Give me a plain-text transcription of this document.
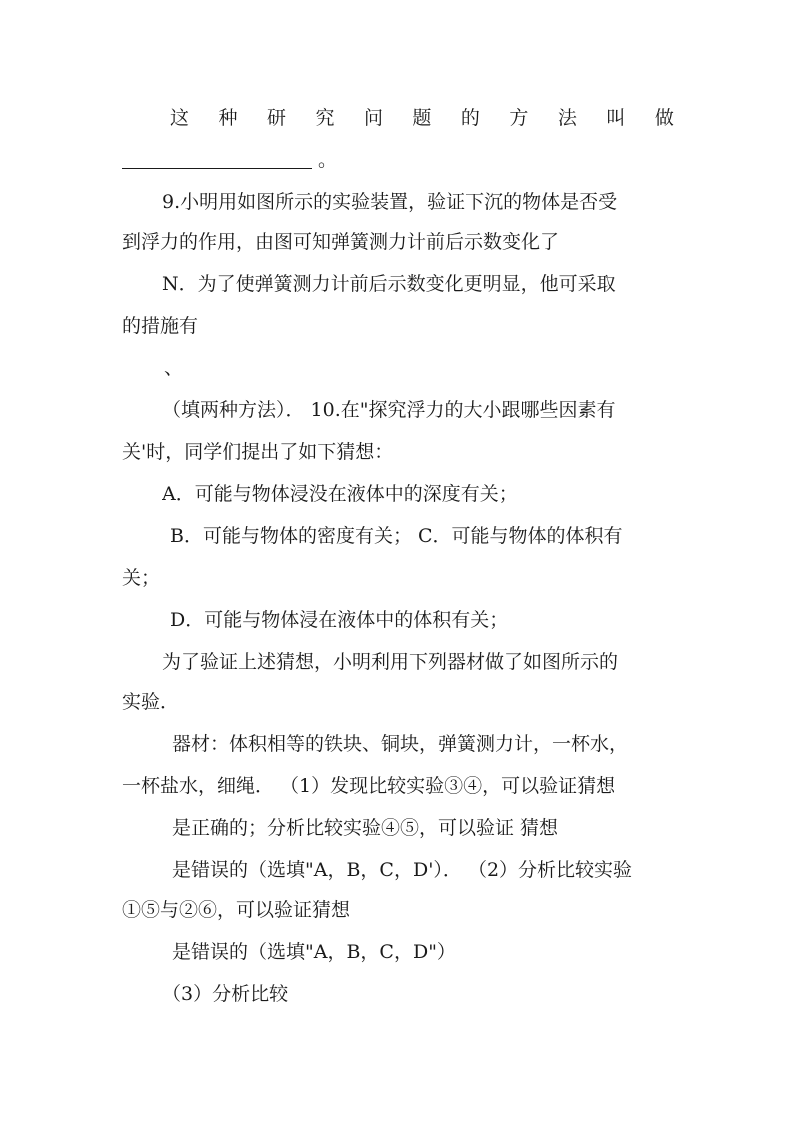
这 种 研 究 问 题 的 方 法 叫 做
。
9.小明用如图所示的实验装置，验证下沉的物体是否受
到浮力的作用，由图可知弹簧测力计前后示数变化了
N．为了使弹簧测力计前后示数变化更明显，他可采取
的措施有
、
（填两种方法）． 10.在"探究浮力的大小跟哪些因素有
关'时，同学们提出了如下猜想：
A．可能与物体浸没在液体中的深度有关；
B．可能与物体的密度有关； C．可能与物体的体积有
关；
D．可能与物体浸在液体中的体积有关；
为了验证上述猜想，小明利用下列器材做了如图所示的
实验．
器材：体积相等的铁块、铜块，弹簧测力计，一杯水，
一杯盐水，细绳． （1）发现比较实验③④，可以验证猜想
是正确的；分析比较实验④⑤，可以验证 猜想
是错误的（选填"A，B，C，D'）． （2）分析比较实验
①⑤与②⑥，可以验证猜想
是错误的（选填"A，B，C，D"）
（3）分析比较
